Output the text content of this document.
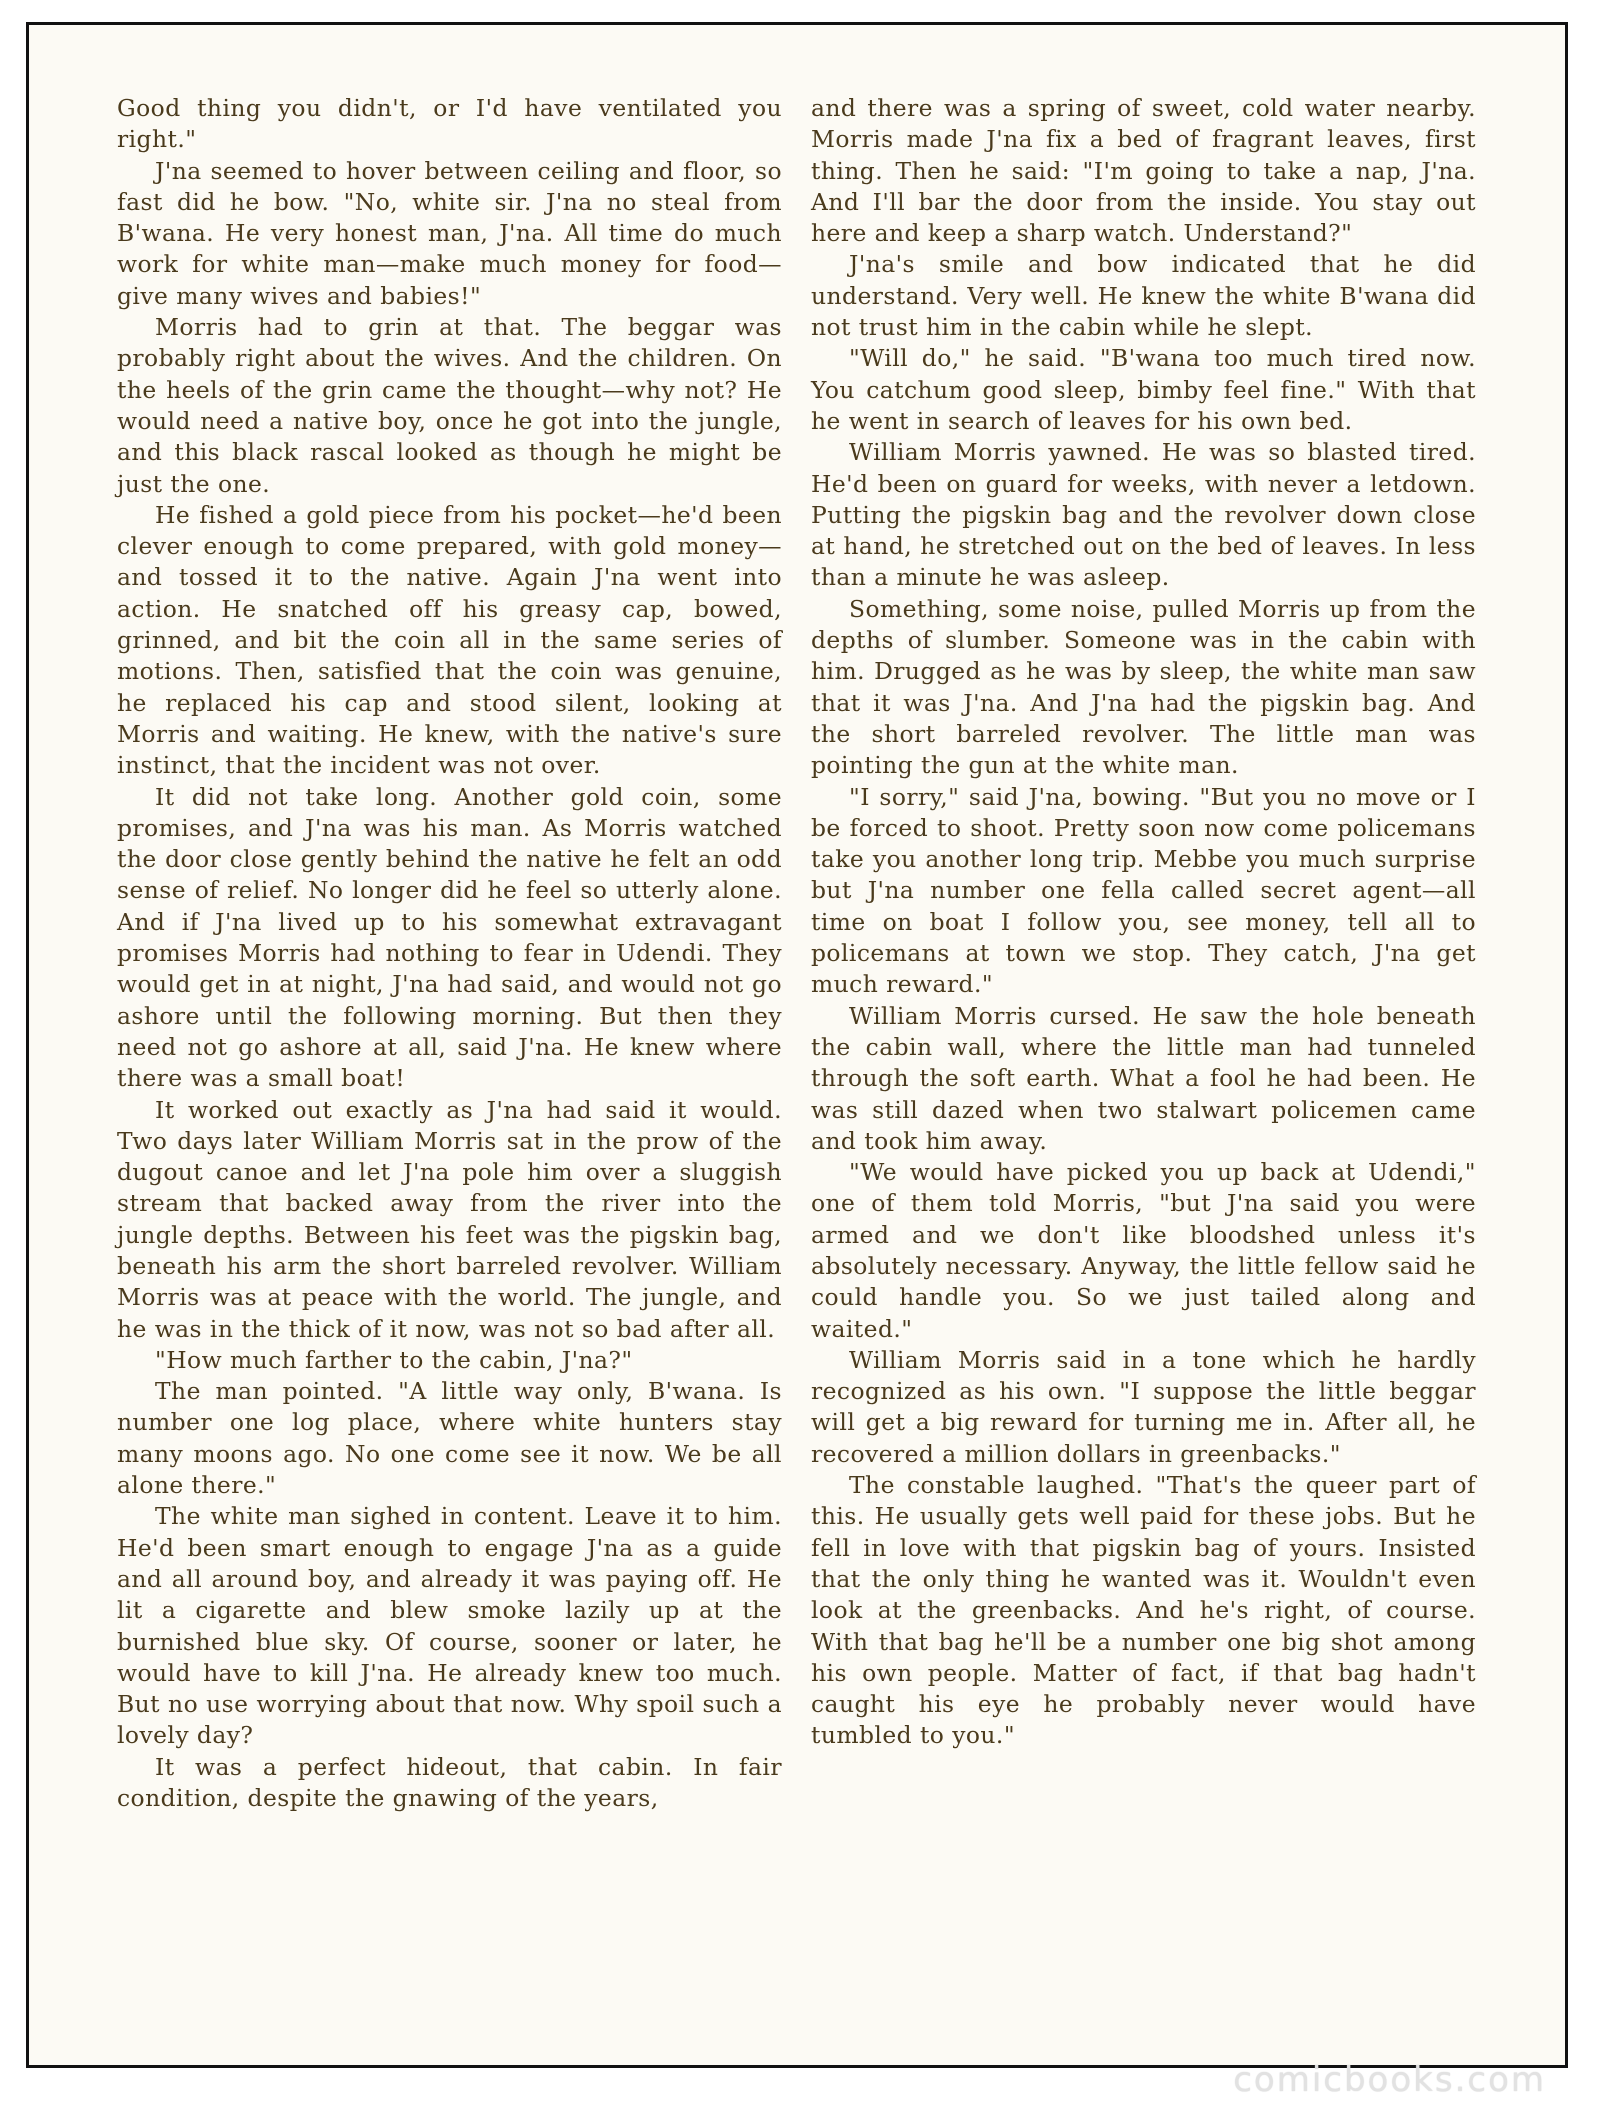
Good thing you didn't, or I'd have ventilated you right."

J'na seemed to hover between ceiling and floor, so fast did he bow. "No, white sir. J'na no steal from B'wana. He very honest man, J'na. All time do much work for white man—make much money for food—give many wives and babies!"

Morris had to grin at that. The beggar was probably right about the wives. And the children. On the heels of the grin came the thought—why not? He would need a native boy, once he got into the jungle, and this black rascal looked as though he might be just the one.

He fished a gold piece from his pocket—he'd been clever enough to come prepared, with gold money—and tossed it to the native. Again J'na went into action. He snatched off his greasy cap, bowed, grinned, and bit the coin all in the same series of motions. Then, satisfied that the coin was genuine, he replaced his cap and stood silent, looking at Morris and waiting. He knew, with the native's sure instinct, that the incident was not over.

It did not take long. Another gold coin, some promises, and J'na was his man. As Morris watched the door close gently behind the native he felt an odd sense of relief. No longer did he feel so utterly alone. And if J'na lived up to his somewhat extravagant promises Morris had nothing to fear in Udendi. They would get in at night, J'na had said, and would not go ashore until the following morning. But then they need not go ashore at all, said J'na. He knew where there was a small boat!

It worked out exactly as J'na had said it would. Two days later William Morris sat in the prow of the dugout canoe and let J'na pole him over a sluggish stream that backed away from the river into the jungle depths. Between his feet was the pigskin bag, beneath his arm the short barreled revolver. William Morris was at peace with the world. The jungle, and he was in the thick of it now, was not so bad after all.

"How much farther to the cabin, J'na?"

The man pointed. "A little way only, B'wana. Is number one log place, where white hunters stay many moons ago. No one come see it now. We be all alone there."

The white man sighed in content. Leave it to him. He'd been smart enough to engage J'na as a guide and all around boy, and already it was paying off. He lit a cigarette and blew smoke lazily up at the burnished blue sky. Of course, sooner or later, he would have to kill J'na. He already knew too much. But no use worrying about that now. Why spoil such a lovely day?

It was a perfect hideout, that cabin. In fair condition, despite the gnawing of the years,

and there was a spring of sweet, cold water nearby. Morris made J'na fix a bed of fragrant leaves, first thing. Then he said: "I'm going to take a nap, J'na. And I'll bar the door from the inside. You stay out here and keep a sharp watch. Understand?"

J'na's smile and bow indicated that he did understand. Very well. He knew the white B'wana did not trust him in the cabin while he slept.

"Will do," he said. "B'wana too much tired now. You catchum good sleep, bimby feel fine." With that he went in search of leaves for his own bed.

William Morris yawned. He was so blasted tired. He'd been on guard for weeks, with never a letdown. Putting the pigskin bag and the revolver down close at hand, he stretched out on the bed of leaves. In less than a minute he was asleep.

Something, some noise, pulled Morris up from the depths of slumber. Someone was in the cabin with him. Drugged as he was by sleep, the white man saw that it was J'na. And J'na had the pigskin bag. And the short barreled revolver. The little man was pointing the gun at the white man.

"I sorry," said J'na, bowing. "But you no move or I be forced to shoot. Pretty soon now come policemans take you another long trip. Mebbe you much surprise but J'na number one fella called secret agent—all time on boat I follow you, see money, tell all to policemans at town we stop. They catch, J'na get much reward."

William Morris cursed. He saw the hole beneath the cabin wall, where the little man had tunneled through the soft earth. What a fool he had been. He was still dazed when two stalwart policemen came and took him away.

"We would have picked you up back at Udendi," one of them told Morris, "but J'na said you were armed and we don't like bloodshed unless it's absolutely necessary. Anyway, the little fellow said he could handle you. So we just tailed along and waited."

William Morris said in a tone which he hardly recognized as his own. "I suppose the little beggar will get a big reward for turning me in. After all, he recovered a million dollars in greenbacks."

The constable laughed. "That's the queer part of this. He usually gets well paid for these jobs. But he fell in love with that pigskin bag of yours. Insisted that the only thing he wanted was it. Wouldn't even look at the greenbacks. And he's right, of course. With that bag he'll be a number one big shot among his own people. Matter of fact, if that bag hadn't caught his eye he probably never would have tumbled to you."

comicbooks.com
